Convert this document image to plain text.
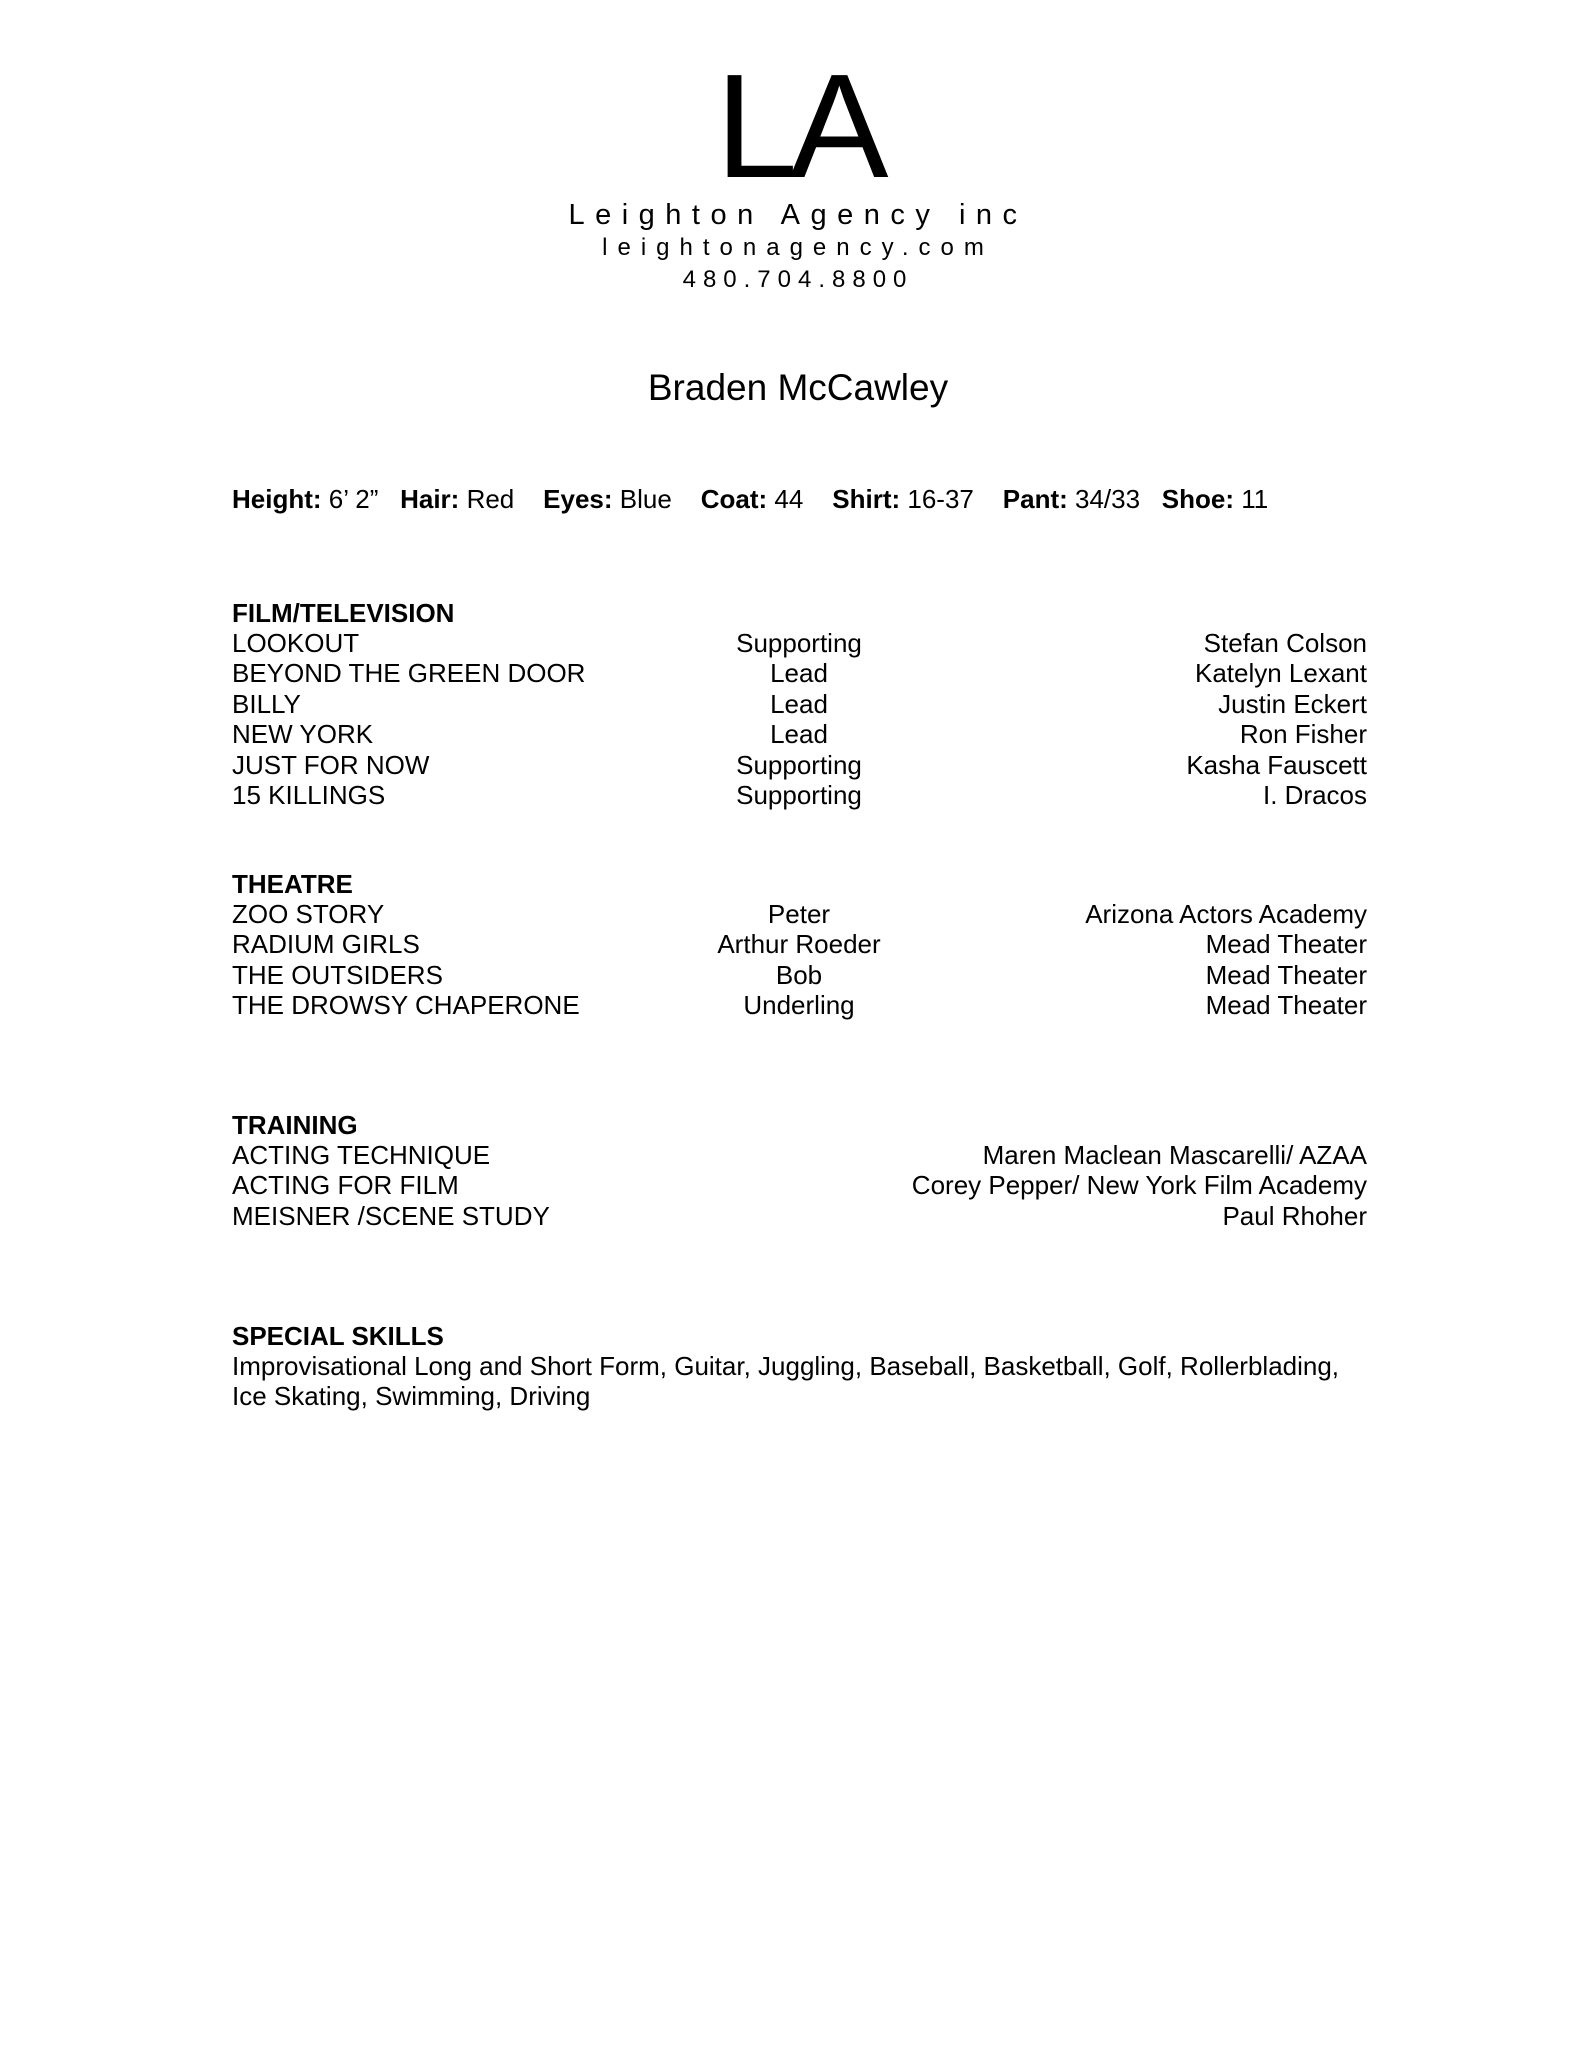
LA
Leighton Agency inc
leightonagency.com
480.704.8800
Braden McCawley
Height: 6’ 2” Hair: Red Eyes: Blue Coat: 44 Shirt: 16-37 Pant: 34/33 Shoe: 11
FILM/TELEVISION
LOOKOUT	Supporting	Stefan Colson
BEYOND THE GREEN DOOR	Lead	Katelyn Lexant
BILLY	Lead	Justin Eckert
NEW YORK	Lead	Ron Fisher
JUST FOR NOW	Supporting	Kasha Fauscett
15 KILLINGS	Supporting	I. Dracos
THEATRE
ZOO STORY	Peter	Arizona Actors Academy
RADIUM GIRLS	Arthur Roeder	Mead Theater
THE OUTSIDERS	Bob	Mead Theater
THE DROWSY CHAPERONE	Underling	Mead Theater
TRAINING
ACTING TECHNIQUE	Maren Maclean Mascarelli/ AZAA
ACTING FOR FILM	Corey Pepper/ New York Film Academy
MEISNER /SCENE STUDY	Paul Rhoher
SPECIAL SKILLS
Improvisational Long and Short Form, Guitar, Juggling, Baseball, Basketball, Golf, Rollerblading,
Ice Skating, Swimming, Driving
